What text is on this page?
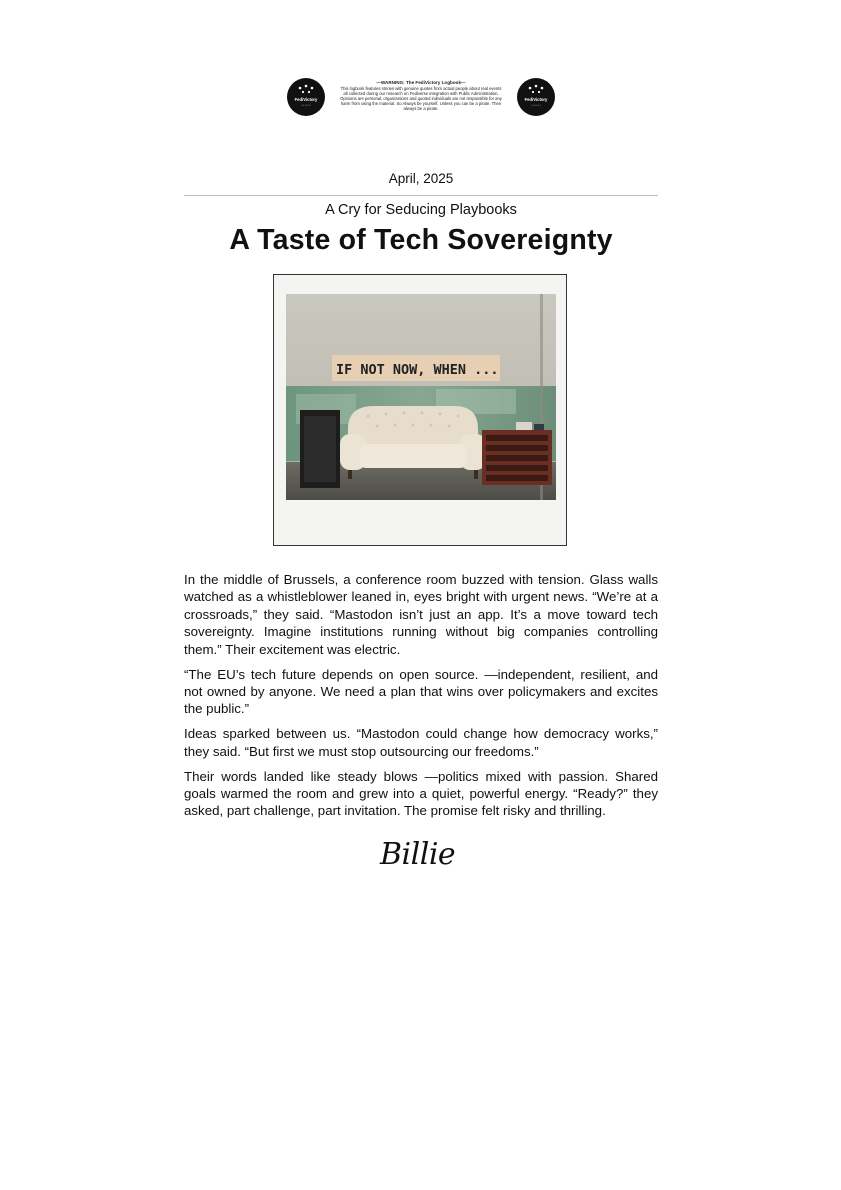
FediVictory
• • • • • •
—WARNING: The FediVictory Logbook—
This logbook features stories with genuine quotes from actual people about real events all collected during our research on Fediverse integration with Public Administration. Opinions are personal, organizations and quoted individuals are not responsible for any harm from using the material. So Always be yourself. Unless you can be a pirate. Then always be a pirate.
FediVictory
• • • • • •
April, 2025
A Cry for Seducing Playbooks
A Taste of Tech Sovereignty
IF NOT NOW, WHEN ...

In the middle of Brussels, a conference room buzzed with tension. Glass walls watched as a whistleblower leaned in, eyes bright with urgent news. “We’re at a crossroads,” they said. “Mastodon isn’t just an app. It’s a move toward tech sovereignty. Imagine institutions running without big companies controlling them.” Their excitement was electric.

“The EU’s tech future depends on open source. —independent, resilient, and not owned by anyone. We need a plan that wins over policymakers and excites the public.”

Ideas sparked between us. “Mastodon could change how democracy works,” they said. “But first we must stop outsourcing our freedoms.”

Their words landed like steady blows —politics mixed with passion. Shared goals warmed the room and grew into a quiet, powerful energy. “Ready?” they asked, part challenge, part invitation. The promise felt risky and thrilling.

Billie
